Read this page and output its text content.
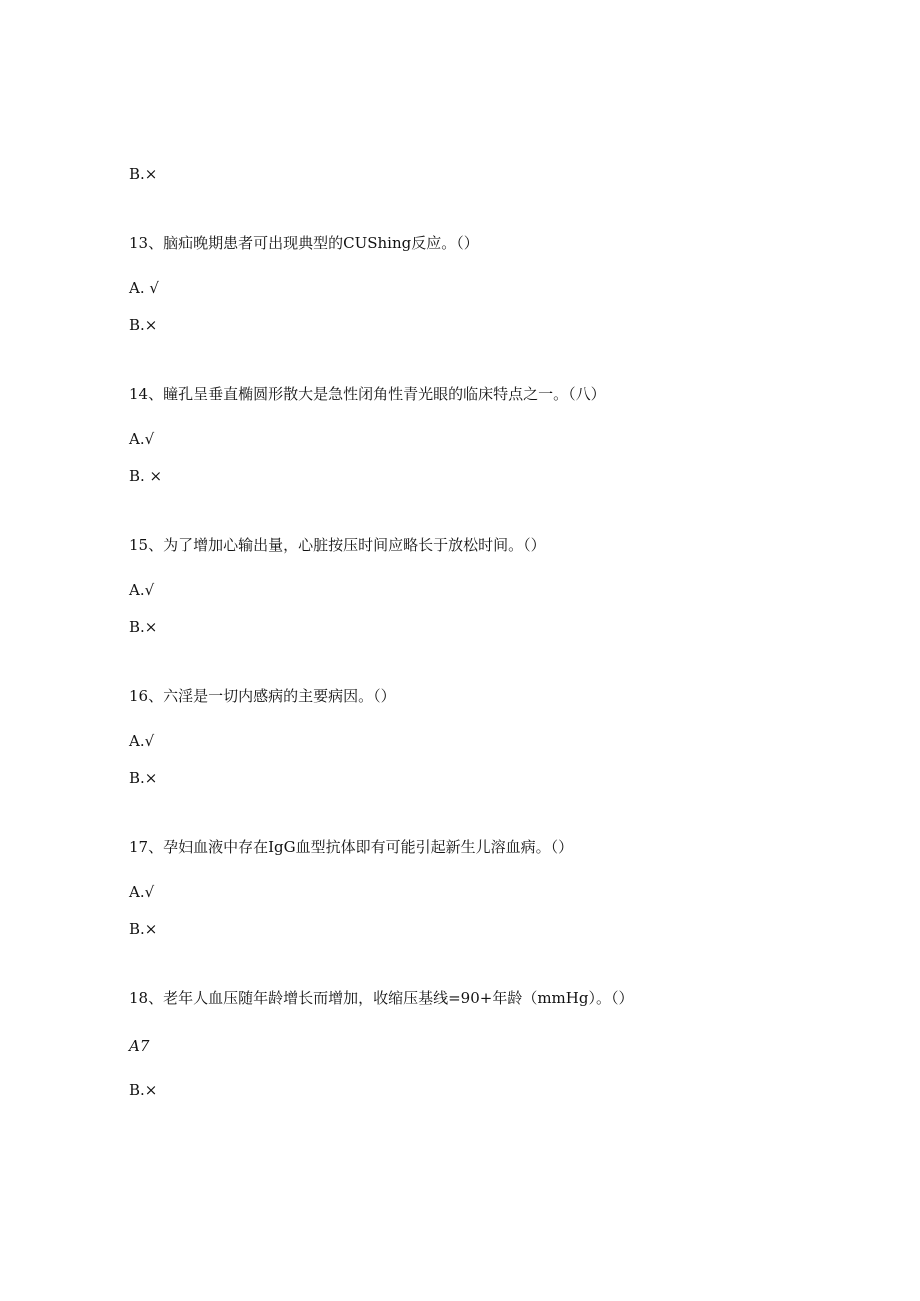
B.×
13、脑疝晚期患者可出现典型的CUShing反应。（）
A. √
B.×
14、瞳孔呈垂直椭圆形散大是急性闭角性青光眼的临床特点之一。（八）
A.√
B. ×
15、为了增加心输出量，心脏按压时间应略长于放松时间。（）
A.√
B.×
16、六淫是一切内感病的主要病因。（）
A.√
B.×
17、孕妇血液中存在IgG血型抗体即有可能引起新生儿溶血病。（）
A.√
B.×
18、老年人血压随年龄增长而增加，收缩压基线=90+年龄（mmHg）。（）
A7
B.×
